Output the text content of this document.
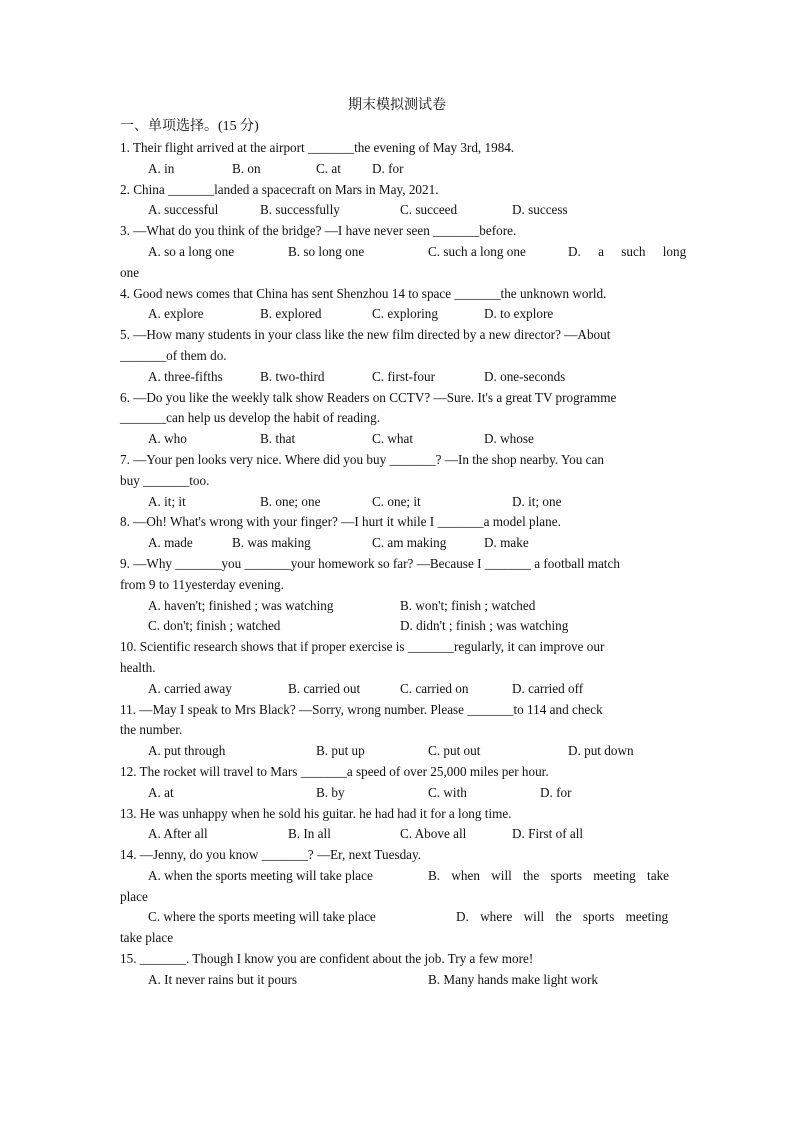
期末模拟测试卷
一、单项选择。(15 分)
1. Their flight arrived at the airport _______the evening of May 3rd, 1984.
A. in	B. on	C. at D. for
2. China _______landed a spacecraft on Mars in May, 2021.
A. successful	B. successfully	C. succeed	D. success
3. —What do you think of the bridge? —I have never seen _______before.
A. so a long one	B. so long one	C. such a long one	D. a such long
one
4. Good news comes that China has sent Shenzhou 14 to space _______the unknown world.
A. explore	B. explored	C. exploring	D. to explore
5. —How many students in your class like the new film directed by a new director? —About
_______of them do.
A. three-fifths	B. two-third	C. first-four	D. one-seconds
6. —Do you like the weekly talk show Readers on CCTV? —Sure. It's a great TV programme
_______can help us develop the habit of reading.
A. who	B. that	C. what	D. whose
7. —Your pen looks very nice. Where did you buy _______? —In the shop nearby. You can
buy _______too.
A. it; it	B. one; one	C. one; it	D. it; one
8. —Oh! What's wrong with your finger? —I hurt it while I _______a model plane.
A. made	B. was making	C. am making	D. make
9. —Why _______you _______your homework so far? —Because I _______ a football match
from 9 to 11yesterday evening.
A. haven't; finished ; was watching	B. won't; finish ; watched
C. don't; finish ; watched	D. didn't ; finish ; was watching
10. Scientific research shows that if proper exercise is _______regularly, it can improve our
health.
A. carried away	B. carried out	C. carried on	D. carried off
11. —May I speak to Mrs Black? —Sorry, wrong number. Please _______to 114 and check
the number.
A. put through	B. put up	C. put out	D. put down
12. The rocket will travel to Mars _______a speed of over 25,000 miles per hour.
A. at	B. by	C. with	D. for
13. He was unhappy when he sold his guitar. he had had it for a long time.
A. After all	B. In all	C. Above all	D. First of all
14. —Jenny, do you know _______? —Er, next Tuesday.
A. when the sports meeting will take place	B. when will the sports meeting take
place
C. where the sports meeting will take place	D. where will the sports meeting
take place
15. _______. Though I know you are confident about the job. Try a few more!
A. It never rains but it pours	B. Many hands make light work
